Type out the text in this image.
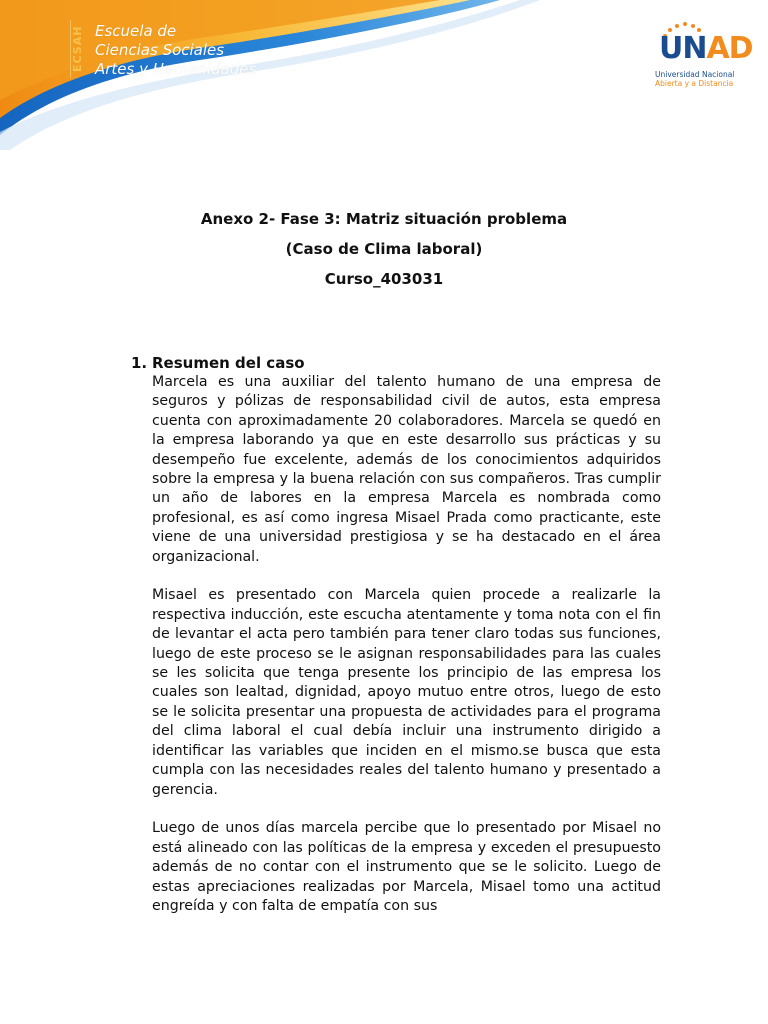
ECSAH Escuela de
Ciencias Sociales
Artes y Humanidades
UNAD
Universidad Nacional
Abierta y a Distancia

Anexo 2- Fase 3: Matriz situación problema

(Caso de Clima laboral)

Curso_403031

1. Resumen del caso

Marcela es una auxiliar del talento humano de una empresa de seguros y pólizas de responsabilidad civil de autos, esta empresa cuenta con aproximadamente 20 colaboradores. Marcela se quedó en la empresa laborando ya que en este desarrollo sus prácticas y su desempeño fue excelente, además de los conocimientos adquiridos sobre la empresa y la buena relación con sus compañeros. Tras cumplir un año de labores en la empresa Marcela es nombrada como profesional, es así como ingresa Misael Prada como practicante, este viene de una universidad prestigiosa y se ha destacado en el área organizacional.

Misael es presentado con Marcela quien procede a realizarle la respectiva inducción, este escucha atentamente y toma nota con el fin de levantar el acta pero también para tener claro todas sus funciones, luego de este proceso se le asignan responsabilidades para las cuales se les solicita que tenga presente los principio de las empresa los cuales son lealtad, dignidad, apoyo mutuo entre otros, luego de esto se le solicita presentar una propuesta de actividades para el programa del clima laboral el cual debía incluir una instrumento dirigido a identificar las variables que inciden en el mismo.se busca que esta cumpla con las necesidades reales del talento humano y presentado a gerencia.

Luego de unos días marcela percibe que lo presentado por Misael no está alineado con las políticas de la empresa y exceden el presupuesto además de no contar con el instrumento que se le solicito. Luego de estas apreciaciones realizadas por Marcela, Misael tomo una actitud engreída y con falta de empatía con sus
